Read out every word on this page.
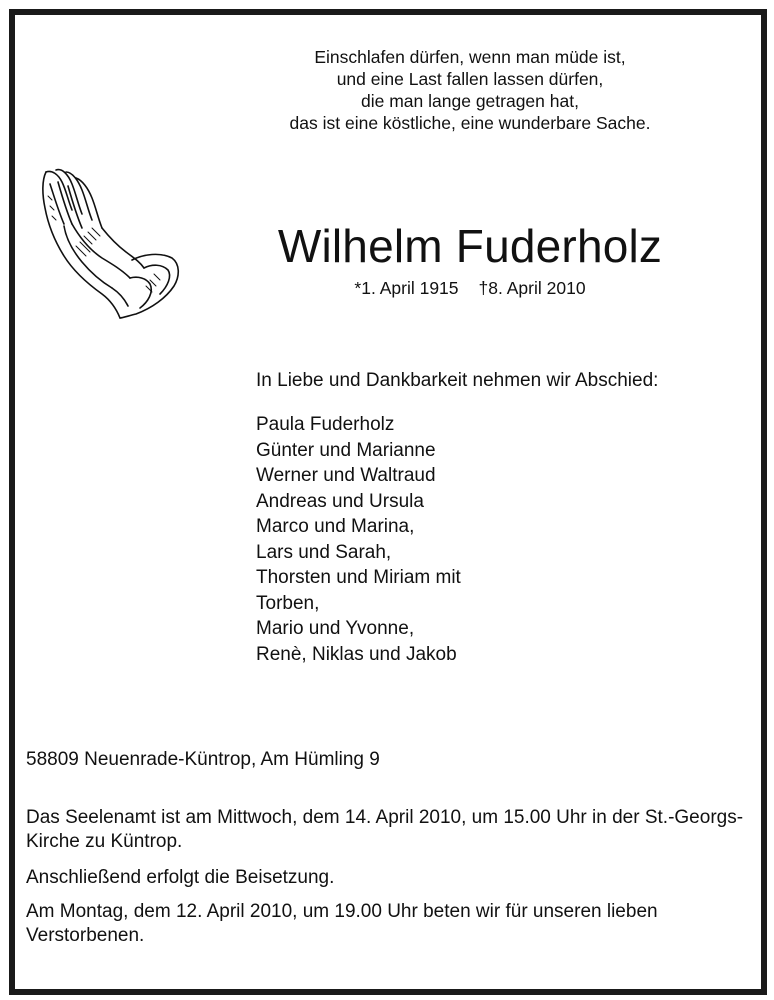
Einschlafen dürfen, wenn man müde ist,
und eine Last fallen lassen dürfen,
die man lange getragen hat,
das ist eine köstliche, eine wunderbare Sache.
Wilhelm Fuderholz
*1. April 1915 †8. April 2010
In Liebe und Dankbarkeit nehmen wir Abschied:
Paula Fuderholz
Günter und Marianne
Werner und Waltraud
Andreas und Ursula
Marco und Marina,
Lars und Sarah,
Thorsten und Miriam mit
Torben,
Mario und Yvonne,
Renè, Niklas und Jakob
58809 Neuenrade-Küntrop, Am Hümling 9
Das Seelenamt ist am Mittwoch, dem 14. April 2010, um 15.00 Uhr in der St.-Georgs-Kirche zu Küntrop.
Anschließend erfolgt die Beisetzung.
Am Montag, dem 12. April 2010, um 19.00 Uhr beten wir für unseren lieben Verstorbenen.
